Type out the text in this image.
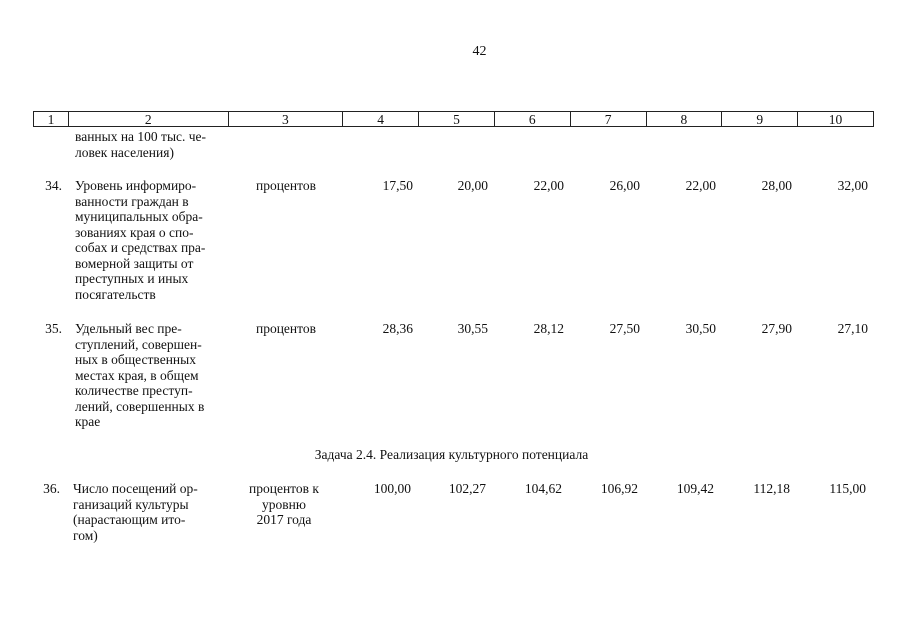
42
1	2	3	4	5	6	7	8	9	10
ванных на 100 тыс. че-
ловек населения)
34. Уровень информиро-
ванности граждан в
муниципальных обра-
зованиях края о спо-
собах и средствах пра-
вомерной защиты от
преступных и иных
посягательств
процентов	17,50	20,00	22,00	26,00	22,00	28,00	32,00
35. Удельный вес пре-
ступлений, совершен-
ных в общественных
местах края, в общем
количестве преступ-
лений, совершенных в
крае
процентов	28,36	30,55	28,12	27,50	30,50	27,90	27,10
Задача 2.4. Реализация культурного потенциала
36. Число посещений ор-
ганизаций культуры
(нарастающим ито-
гом)
процентов к
уровню
2017 года
100,00	102,27	104,62	106,92	109,42	112,18	115,00
